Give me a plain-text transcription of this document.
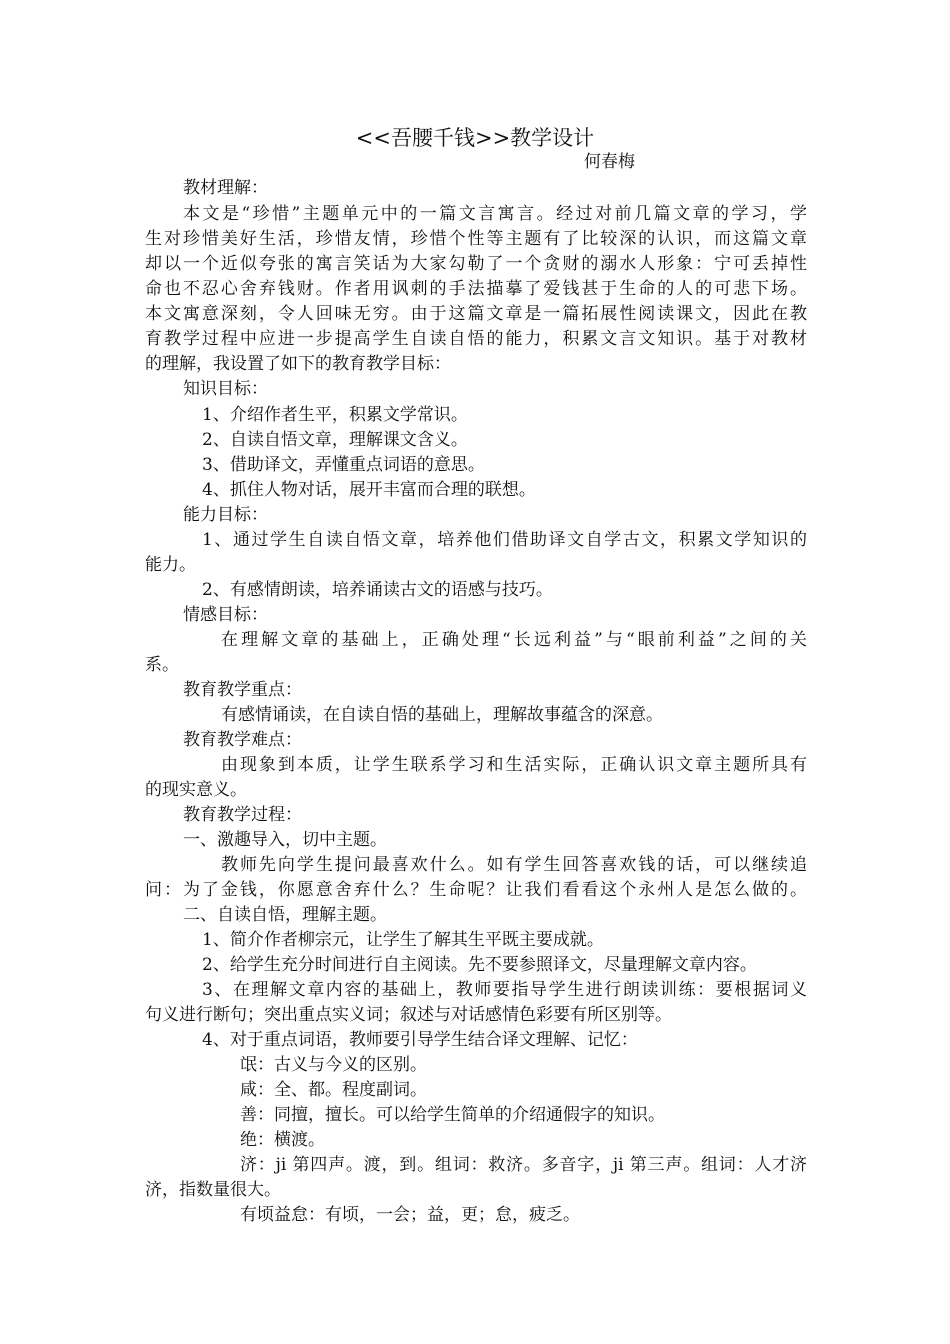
<<吾腰千钱>>教学设计
何春梅
教材理解：
本文是“珍惜”主题单元中的一篇文言寓言。经过对前几篇文章的学习，学
生对珍惜美好生活，珍惜友情，珍惜个性等主题有了比较深的认识，而这篇文章
却以一个近似夸张的寓言笑话为大家勾勒了一个贪财的溺水人形象：宁可丢掉性
命也不忍心舍弃钱财。作者用讽刺的手法描摹了爱钱甚于生命的人的可悲下场。
本文寓意深刻，令人回味无穷。由于这篇文章是一篇拓展性阅读课文，因此在教
育教学过程中应进一步提高学生自读自悟的能力，积累文言文知识。基于对教材
的理解，我设置了如下的教育教学目标：
知识目标：
1、介绍作者生平，积累文学常识。
2、自读自悟文章，理解课文含义。
3、借助译文，弄懂重点词语的意思。
4、抓住人物对话，展开丰富而合理的联想。
能力目标：
1、通过学生自读自悟文章，培养他们借助译文自学古文，积累文学知识的
能力。
2、有感情朗读，培养诵读古文的语感与技巧。
情感目标：
在理解文章的基础上，正确处理“长远利益”与“眼前利益”之间的关
系。
教育教学重点：
有感情诵读，在自读自悟的基础上，理解故事蕴含的深意。
教育教学难点：
由现象到本质，让学生联系学习和生活实际，正确认识文章主题所具有
的现实意义。
教育教学过程：
一、激趣导入，切中主题。
教师先向学生提问最喜欢什么。如有学生回答喜欢钱的话，可以继续追
问：为了金钱，你愿意舍弃什么？生命呢？让我们看看这个永州人是怎么做的。
二、自读自悟，理解主题。
1、简介作者柳宗元，让学生了解其生平既主要成就。
2、给学生充分时间进行自主阅读。先不要参照译文，尽量理解文章内容。
3、在理解文章内容的基础上，教师要指导学生进行朗读训练：要根据词义
句义进行断句；突出重点实义词；叙述与对话感情色彩要有所区别等。
4、对于重点词语，教师要引导学生结合译文理解、记忆：
氓：古义与今义的区别。
咸：全、都。程度副词。
善：同擅，擅长。可以给学生简单的介绍通假字的知识。
绝：横渡。
济：ji 第四声。渡，到。组词：救济。多音字，ji 第三声。组词：人才济
济，指数量很大。
有顷益怠：有顷，一会；益，更；怠，疲乏。
